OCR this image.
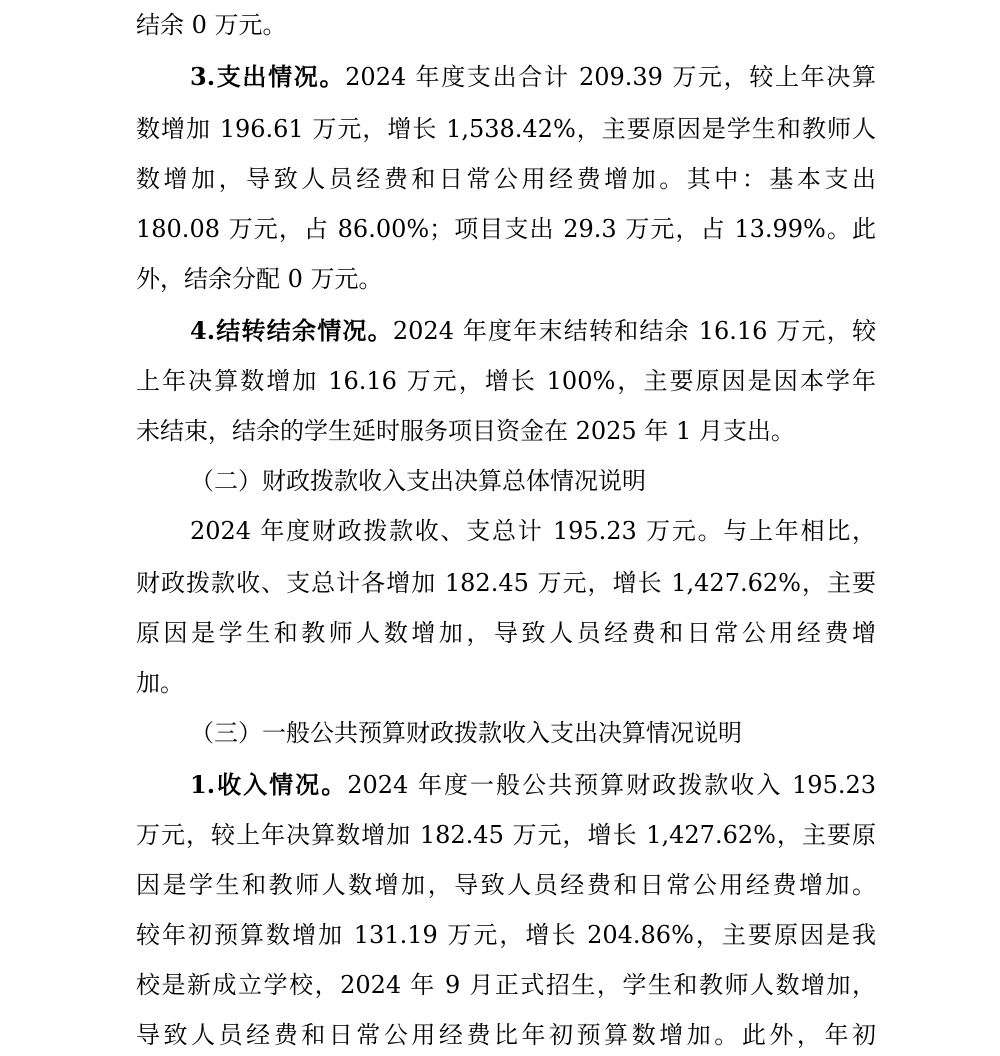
结余 0 万元。
3.支出情况。2024 年度支出合计 209.39 万元，较上年决算
数增加 196.61 万元，增长 1,538.42%，主要原因是学生和教师人
数增加，导致人员经费和日常公用经费增加。其中：基本支出
180.08 万元，占 86.00%；项目支出 29.3 万元，占 13.99%。此
外，结余分配 0 万元。
4.结转结余情况。2024 年度年末结转和结余 16.16 万元，较
上年决算数增加 16.16 万元，增长 100%，主要原因是因本学年
未结束，结余的学生延时服务项目资金在 2025 年 1 月支出。
（二）财政拨款收入支出决算总体情况说明
2024 年度财政拨款收、支总计 195.23 万元。与上年相比，
财政拨款收、支总计各增加 182.45 万元，增长 1,427.62%，主要
原因是学生和教师人数增加，导致人员经费和日常公用经费增
加。
（三）一般公共预算财政拨款收入支出决算情况说明
1.收入情况。2024 年度一般公共预算财政拨款收入 195.23
万元，较上年决算数增加 182.45 万元，增长 1,427.62%，主要原
因是学生和教师人数增加，导致人员经费和日常公用经费增加。
较年初预算数增加 131.19 万元，增长 204.86%，主要原因是我
校是新成立学校，2024 年 9 月正式招生，学生和教师人数增加，
导致人员经费和日常公用经费比年初预算数增加。此外，年初
